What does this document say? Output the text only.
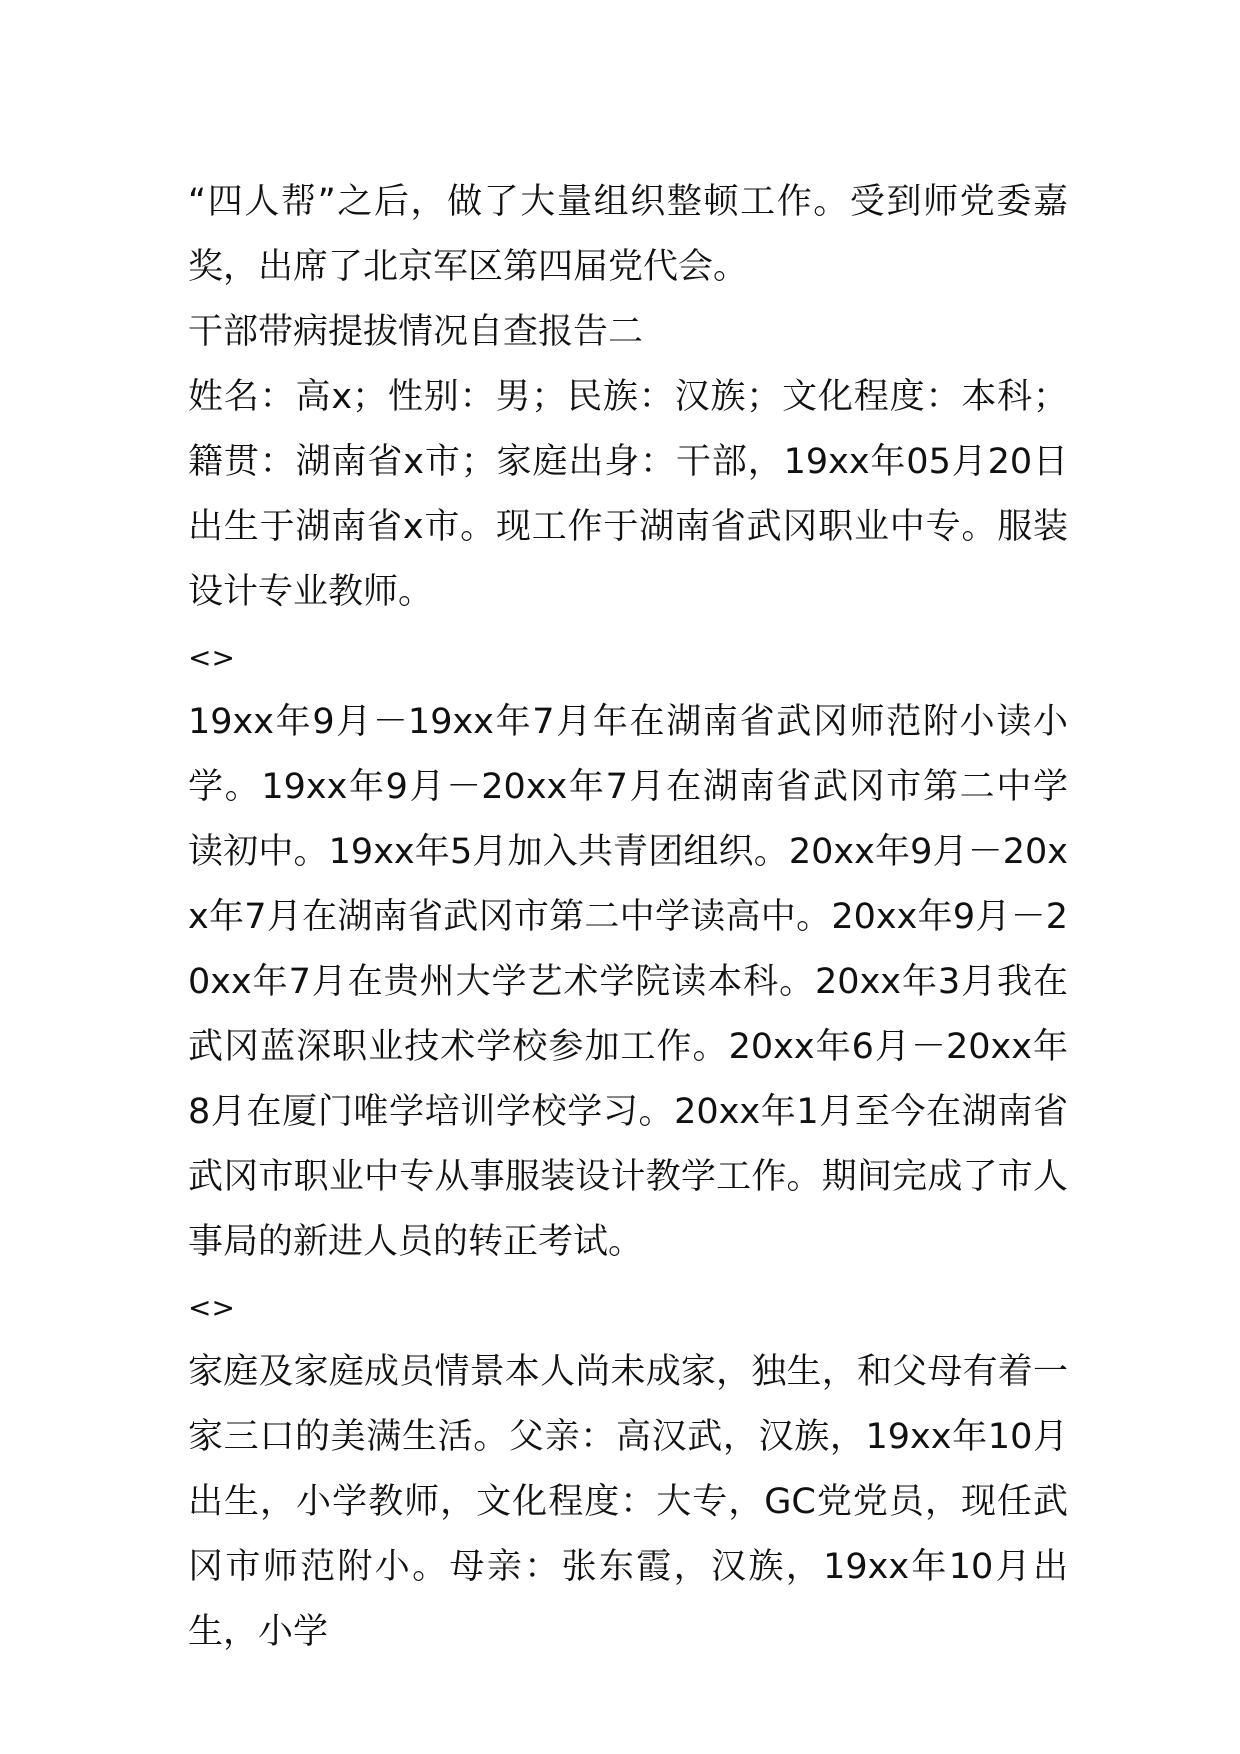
“四人帮”之后，做了大量组织整顿工作。受到师党委嘉奖，出席了北京军区第四届党代会。

干部带病提拔情况自查报告二

姓名：高x；性别：男；民族：汉族；文化程度：本科；籍贯：湖南省x市；家庭出身：干部，19xx年05月20日出生于湖南省x市。现工作于湖南省武冈职业中专。服装设计专业教师。

<>

19xx年9月－19xx年7月年在湖南省武冈师范附小读小学。19xx年9月－20xx年7月在湖南省武冈市第二中学读初中。19xx年5月加入共青团组织。20xx年9月－20xx年7月在湖南省武冈市第二中学读高中。20xx年9月－20xx年7月在贵州大学艺术学院读本科。20xx年3月我在武冈蓝深职业技术学校参加工作。20xx年6月－20xx年8月在厦门唯学培训学校学习。20xx年1月至今在湖南省武冈市职业中专从事服装设计教学工作。期间完成了市人事局的新进人员的转正考试。

<>

家庭及家庭成员情景本人尚未成家，独生，和父母有着一家三口的美满生活。父亲：高汉武，汉族，19xx年10月出生，小学教师，文化程度：大专，GC党党员，现任武冈市师范附小。母亲：张东霞，汉族，19xx年10月出生，小学
